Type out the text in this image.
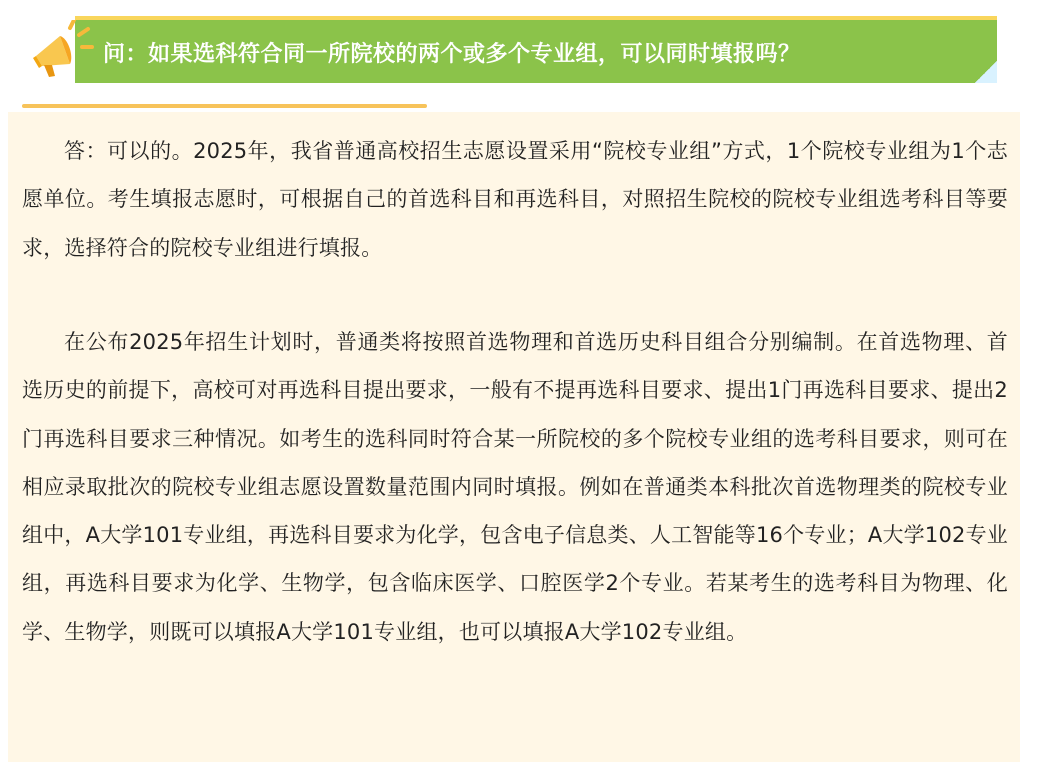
问：如果选科符合同一所院校的两个或多个专业组，可以同时填报吗？

答：可以的。2025年，我省普通高校招生志愿设置采用“院校专业组”方式，1个院校专业组为1个志愿单位。考生填报志愿时，可根据自己的首选科目和再选科目，对照招生院校的院校专业组选考科目等要求，选择符合的院校专业组进行填报。

在公布2025年招生计划时，普通类将按照首选物理和首选历史科目组合分别编制。在首选物理、首选历史的前提下，高校可对再选科目提出要求，一般有不提再选科目要求、提出1门再选科目要求、提出2门再选科目要求三种情况。如考生的选科同时符合某一所院校的多个院校专业组的选考科目要求，则可在相应录取批次的院校专业组志愿设置数量范围内同时填报。例如在普通类本科批次首选物理类的院校专业组中，A大学101专业组，再选科目要求为化学，包含电子信息类、人工智能等16个专业；A大学102专业组，再选科目要求为化学、生物学，包含临床医学、口腔医学2个专业。若某考生的选考科目为物理、化学、生物学，则既可以填报A大学101专业组，也可以填报A大学102专业组。
